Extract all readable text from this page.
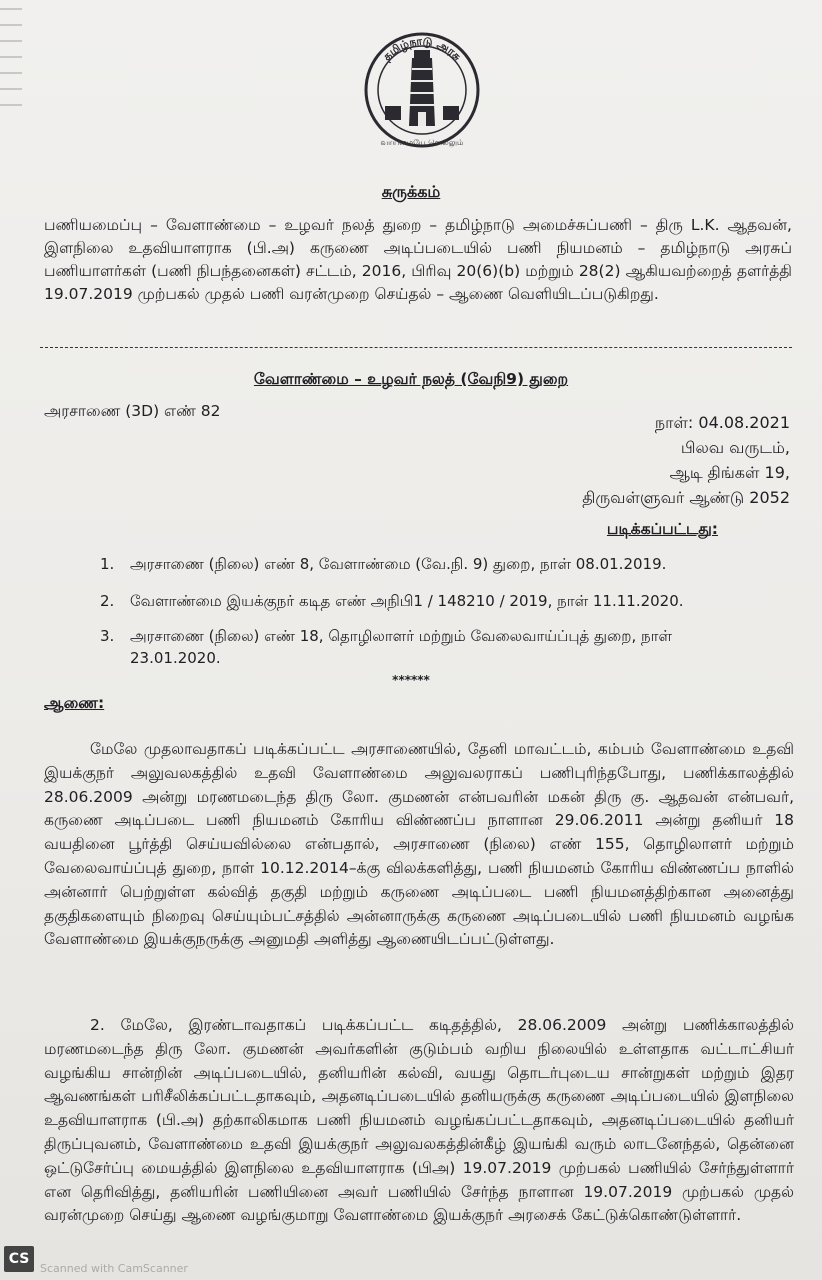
தமிழ்நாடு அரசு
வாய்மையே வெல்லும்
சுருக்கம்
பணியமைப்பு – வேளாண்மை – உழவர் நலத் துறை – தமிழ்நாடு அமைச்சுப்பணி – திரு L.K. ஆதவன், இளநிலை உதவியாளராக (பி.அ) கருணை அடிப்படையில் பணி நியமனம் – தமிழ்நாடு அரசுப் பணியாளர்கள் (பணி நிபந்தனைகள்) சட்டம், 2016, பிரிவு 20(6)(b) மற்றும் 28(2) ஆகியவற்றைத் தளர்த்தி 19.07.2019 முற்பகல் முதல் பணி வரன்முறை செய்தல் – ஆணை வெளியிடப்படுகிறது.
வேளாண்மை – உழவர் நலத் (வேநி9) துறை
அரசாணை (3D) எண் 82
நாள்: 04.08.2021
பிலவ வருடம்,
ஆடி திங்கள் 19,
திருவள்ளுவர் ஆண்டு 2052
படிக்கப்பட்டது:
1.	அரசாணை (நிலை) எண் 8, வேளாண்மை (வே.நி. 9) துறை, நாள் 08.01.2019.
2.	வேளாண்மை இயக்குநர் கடித எண் அநிபி1 / 148210 / 2019, நாள் 11.11.2020.
3.	அரசாணை (நிலை) எண் 18, தொழிலாளர் மற்றும் வேலைவாய்ப்புத் துறை, நாள் 23.01.2020.
******
ஆணை:
மேலே முதலாவதாகப் படிக்கப்பட்ட அரசாணையில், தேனி மாவட்டம், கம்பம் வேளாண்மை உதவி இயக்குநர் அலுவலகத்தில் உதவி வேளாண்மை அலுவலராகப் பணிபுரிந்தபோது, பணிக்காலத்தில் 28.06.2009 அன்று மரணமடைந்த திரு லோ. குமணன் என்பவரின் மகன் திரு கு. ஆதவன் என்பவர், கருணை அடிப்படை பணி நியமனம் கோரிய விண்ணப்ப நாளான 29.06.2011 அன்று தனியர் 18 வயதினை பூர்த்தி செய்யவில்லை என்பதால், அரசாணை (நிலை) எண் 155, தொழிலாளர் மற்றும் வேலைவாய்ப்புத் துறை, நாள் 10.12.2014–க்கு விலக்களித்து, பணி நியமனம் கோரிய விண்ணப்ப நாளில் அன்னார் பெற்றுள்ள கல்வித் தகுதி மற்றும் கருணை அடிப்படை பணி நியமனத்திற்கான அனைத்து தகுதிகளையும் நிறைவு செய்யும்பட்சத்தில் அன்னாருக்கு கருணை அடிப்படையில் பணி நியமனம் வழங்க வேளாண்மை இயக்குநருக்கு அனுமதி அளித்து ஆணையிடப்பட்டுள்ளது.
2. மேலே, இரண்டாவதாகப் படிக்கப்பட்ட கடிதத்தில், 28.06.2009 அன்று பணிக்காலத்தில் மரணமடைந்த திரு லோ. குமணன் அவர்களின் குடும்பம் வறிய நிலையில் உள்ளதாக வட்டாட்சியர் வழங்கிய சான்றின் அடிப்படையில், தனியரின் கல்வி, வயது தொடர்புடைய சான்றுகள் மற்றும் இதர ஆவணங்கள் பரிசீலிக்கப்பட்டதாகவும், அதனடிப்படையில் தனியருக்கு கருணை அடிப்படையில் இளநிலை உதவியாளராக (பி.அ) தற்காலிகமாக பணி நியமனம் வழங்கப்பட்டதாகவும், அதனடிப்படையில் தனியர் திருப்புவனம், வேளாண்மை உதவி இயக்குநர் அலுவலகத்தின்கீழ் இயங்கி வரும் லாடனேந்தல், தென்னை ஒட்டுசேர்ப்பு மையத்தில் இளநிலை உதவியாளராக (பிஅ) 19.07.2019 முற்பகல் பணியில் சேர்ந்துள்ளார் என தெரிவித்து, தனியரின் பணியினை அவர் பணியில் சேர்ந்த நாளான 19.07.2019 முற்பகல் முதல் வரன்முறை செய்து ஆணை வழங்குமாறு வேளாண்மை இயக்குநர் அரசைக் கேட்டுக்கொண்டுள்ளார்.
CS
Scanned with CamScanner
